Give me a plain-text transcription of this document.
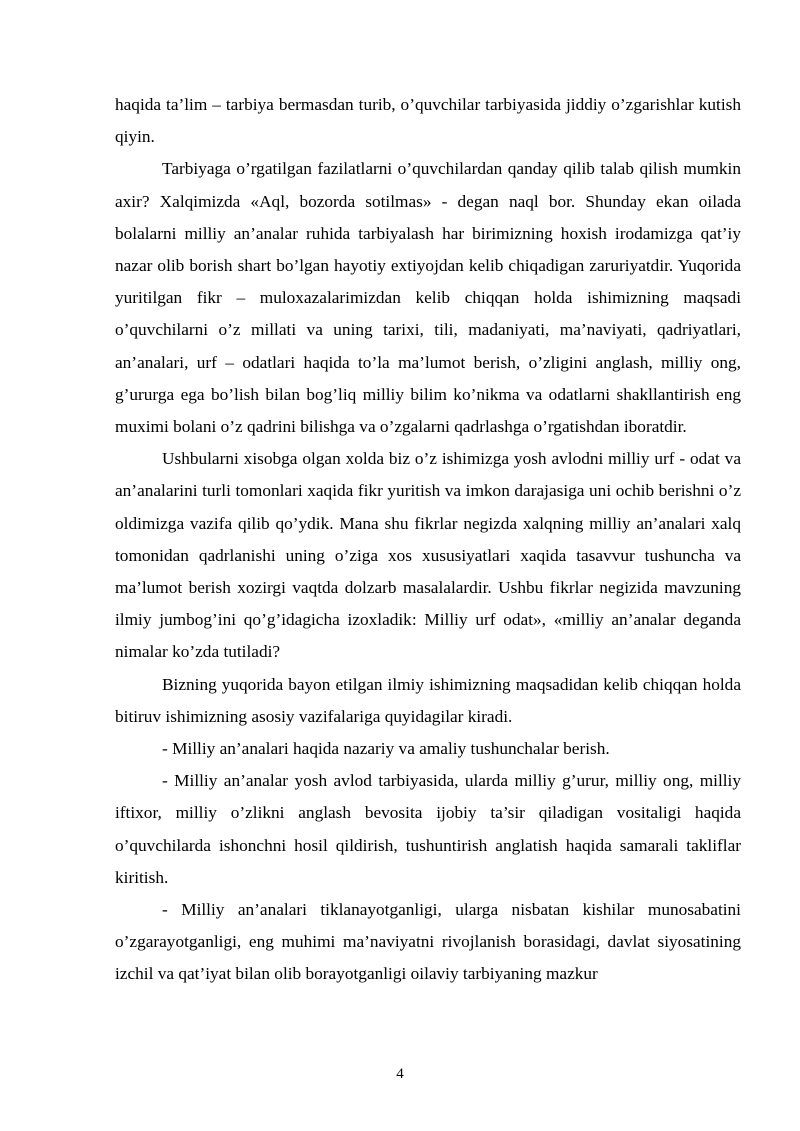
haqida ta’lim – tarbiya bermasdan turib, o’quvchilar tarbiyasida jiddiy o’zgarishlar kutish qiyin.

Tarbiyaga o’rgatilgan fazilatlarni o’quvchilardan qanday qilib talab qilish mumkin axir? Xalqimizda «Aql, bozorda sotilmas» - degan naql bor. Shunday ekan oilada bolalarni milliy an’analar ruhida tarbiyalash har birimizning hoxish irodamizga qat’iy nazar olib borish shart bo’lgan hayotiy extiyojdan kelib chiqadigan zaruriyatdir. Yuqorida yuritilgan fikr – muloxazalarimizdan kelib chiqqan holda ishimizning maqsadi o’quvchilarni o’z millati va uning tarixi, tili, madaniyati, ma’naviyati, qadriyatlari, an’analari, urf – odatlari haqida to’la ma’lumot berish, o’zligini anglash, milliy ong, g’ururga ega bo’lish bilan bog’liq milliy bilim ko’nikma va odatlarni shakllantirish eng muximi bolani o’z qadrini bilishga va o’zgalarni qadrlashga o’rgatishdan iboratdir.

Ushbularni xisobga olgan xolda biz o’z ishimizga yosh avlodni milliy urf - odat va an’analarini turli tomonlari xaqida fikr yuritish va imkon darajasiga uni ochib berishni o’z oldimizga vazifa qilib qo’ydik. Mana shu fikrlar negizda xalqning milliy an’analari xalq tomonidan qadrlanishi uning o’ziga xos xususiyatlari xaqida tasavvur tushuncha va ma’lumot berish xozirgi vaqtda dolzarb masalalardir. Ushbu fikrlar negizida mavzuning ilmiy jumbog’ini qo’g’idagicha izoxladik: Milliy urf odat», «milliy an’analar deganda nimalar ko’zda tutiladi?

Bizning yuqorida bayon etilgan ilmiy ishimizning maqsadidan kelib chiqqan holda bitiruv ishimizning asosiy vazifalariga quyidagilar kiradi.

- Milliy an’analari haqida nazariy va amaliy tushunchalar berish.

- Milliy an’analar yosh avlod tarbiyasida, ularda milliy g’urur, milliy ong, milliy iftixor, milliy o’zlikni anglash bevosita ijobiy ta’sir qiladigan vositaligi haqida o’quvchilarda ishonchni hosil qildirish, tushuntirish anglatish haqida samarali takliflar kiritish.

- Milliy an’analari tiklanayotganligi, ularga nisbatan kishilar munosabatini o’zgarayotganligi, eng muhimi ma’naviyatni rivojlanish borasidagi, davlat siyosatining izchil va qat’iyat bilan olib borayotganligi oilaviy tarbiyaning mazkur

4
